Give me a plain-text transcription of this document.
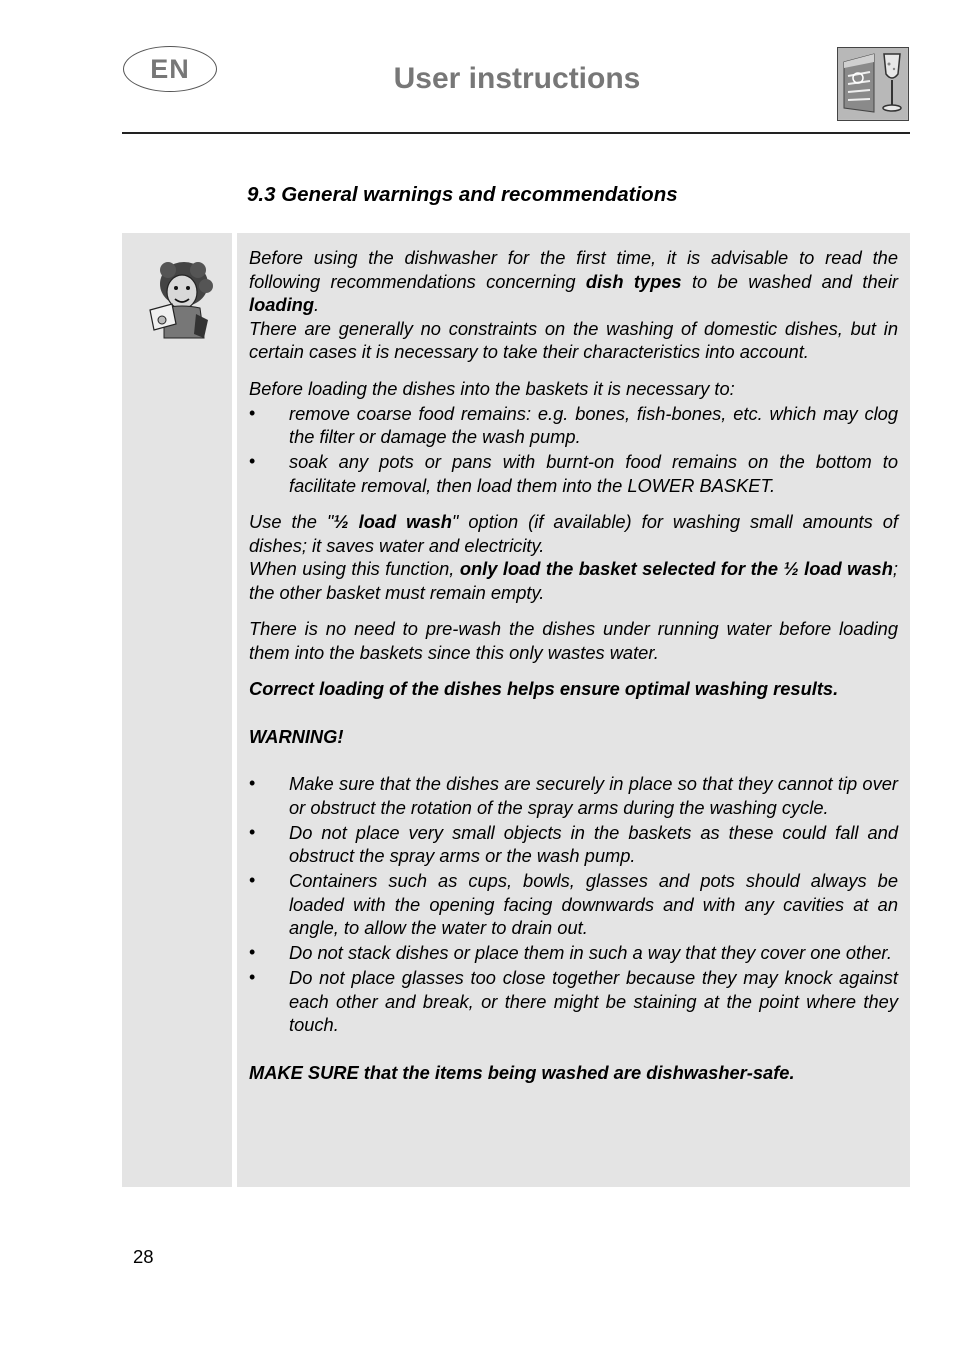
EN	User instructions
9.3 General warnings and recommendations

Before using the dishwasher for the first time, it is advisable to read the following recommendations concerning dish types to be washed and their loading.

There are generally no constraints on the washing of domestic dishes, but in certain cases it is necessary to take their characteristics into account.

Before loading the dishes into the baskets it is necessary to:

• remove coarse food remains: e.g. bones, fish-bones, etc. which may clog the filter or damage the wash pump.
• soak any pots or pans with burnt-on food remains on the bottom to facilitate removal, then load them into the LOWER BASKET.

Use the "½ load wash" option (if available) for washing small amounts of dishes; it saves water and electricity.

When using this function, only load the basket selected for the ½ load wash; the other basket must remain empty.

There is no need to pre-wash the dishes under running water before loading them into the baskets since this only wastes water.

Correct loading of the dishes helps ensure optimal washing results.

WARNING!

• Make sure that the dishes are securely in place so that they cannot tip over or obstruct the rotation of the spray arms during the washing cycle.
• Do not place very small objects in the baskets as these could fall and obstruct the spray arms or the wash pump.
• Containers such as cups, bowls, glasses and pots should always be loaded with the opening facing downwards and with any cavities at an angle, to allow the water to drain out.
• Do not stack dishes or place them in such a way that they cover one other.
• Do not place glasses too close together because they may knock against each other and break, or there might be staining at the point where they touch.

MAKE SURE that the items being washed are dishwasher-safe.

28
